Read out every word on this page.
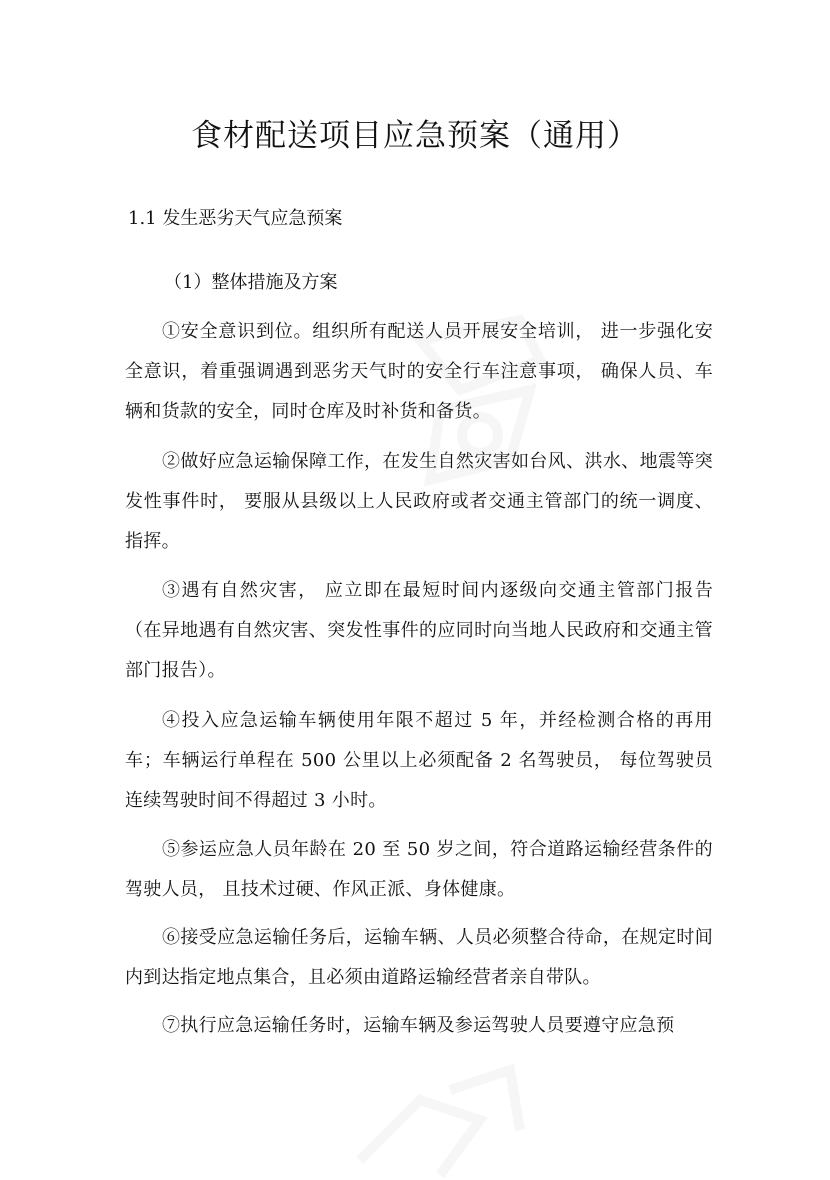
食材配送项目应急预案（通用）
1.1 发生恶劣天气应急预案
（1）整体措施及方案

①安全意识到位。组织所有配送人员开展安全培训， 进一步强化安全意识，着重强调遇到恶劣天气时的安全行车注意事项， 确保人员、车辆和货款的安全，同时仓库及时补货和备货。

②做好应急运输保障工作，在发生自然灾害如台风、洪水、地震等突发性事件时， 要服从县级以上人民政府或者交通主管部门的统一调度、指挥。

③遇有自然灾害， 应立即在最短时间内逐级向交通主管部门报告（在异地遇有自然灾害、突发性事件的应同时向当地人民政府和交通主管部门报告）。

④投入应急运输车辆使用年限不超过 5 年，并经检测合格的再用车；车辆运行单程在 500 公里以上必须配备 2 名驾驶员， 每位驾驶员连续驾驶时间不得超过 3 小时。

⑤参运应急人员年龄在 20 至 50 岁之间，符合道路运输经营条件的驾驶人员， 且技术过硬、作风正派、身体健康。

⑥接受应急运输任务后，运输车辆、人员必须整合待命，在规定时间内到达指定地点集合，且必须由道路运输经营者亲自带队。

⑦执行应急运输任务时，运输车辆及参运驾驶人员要遵守应急预
